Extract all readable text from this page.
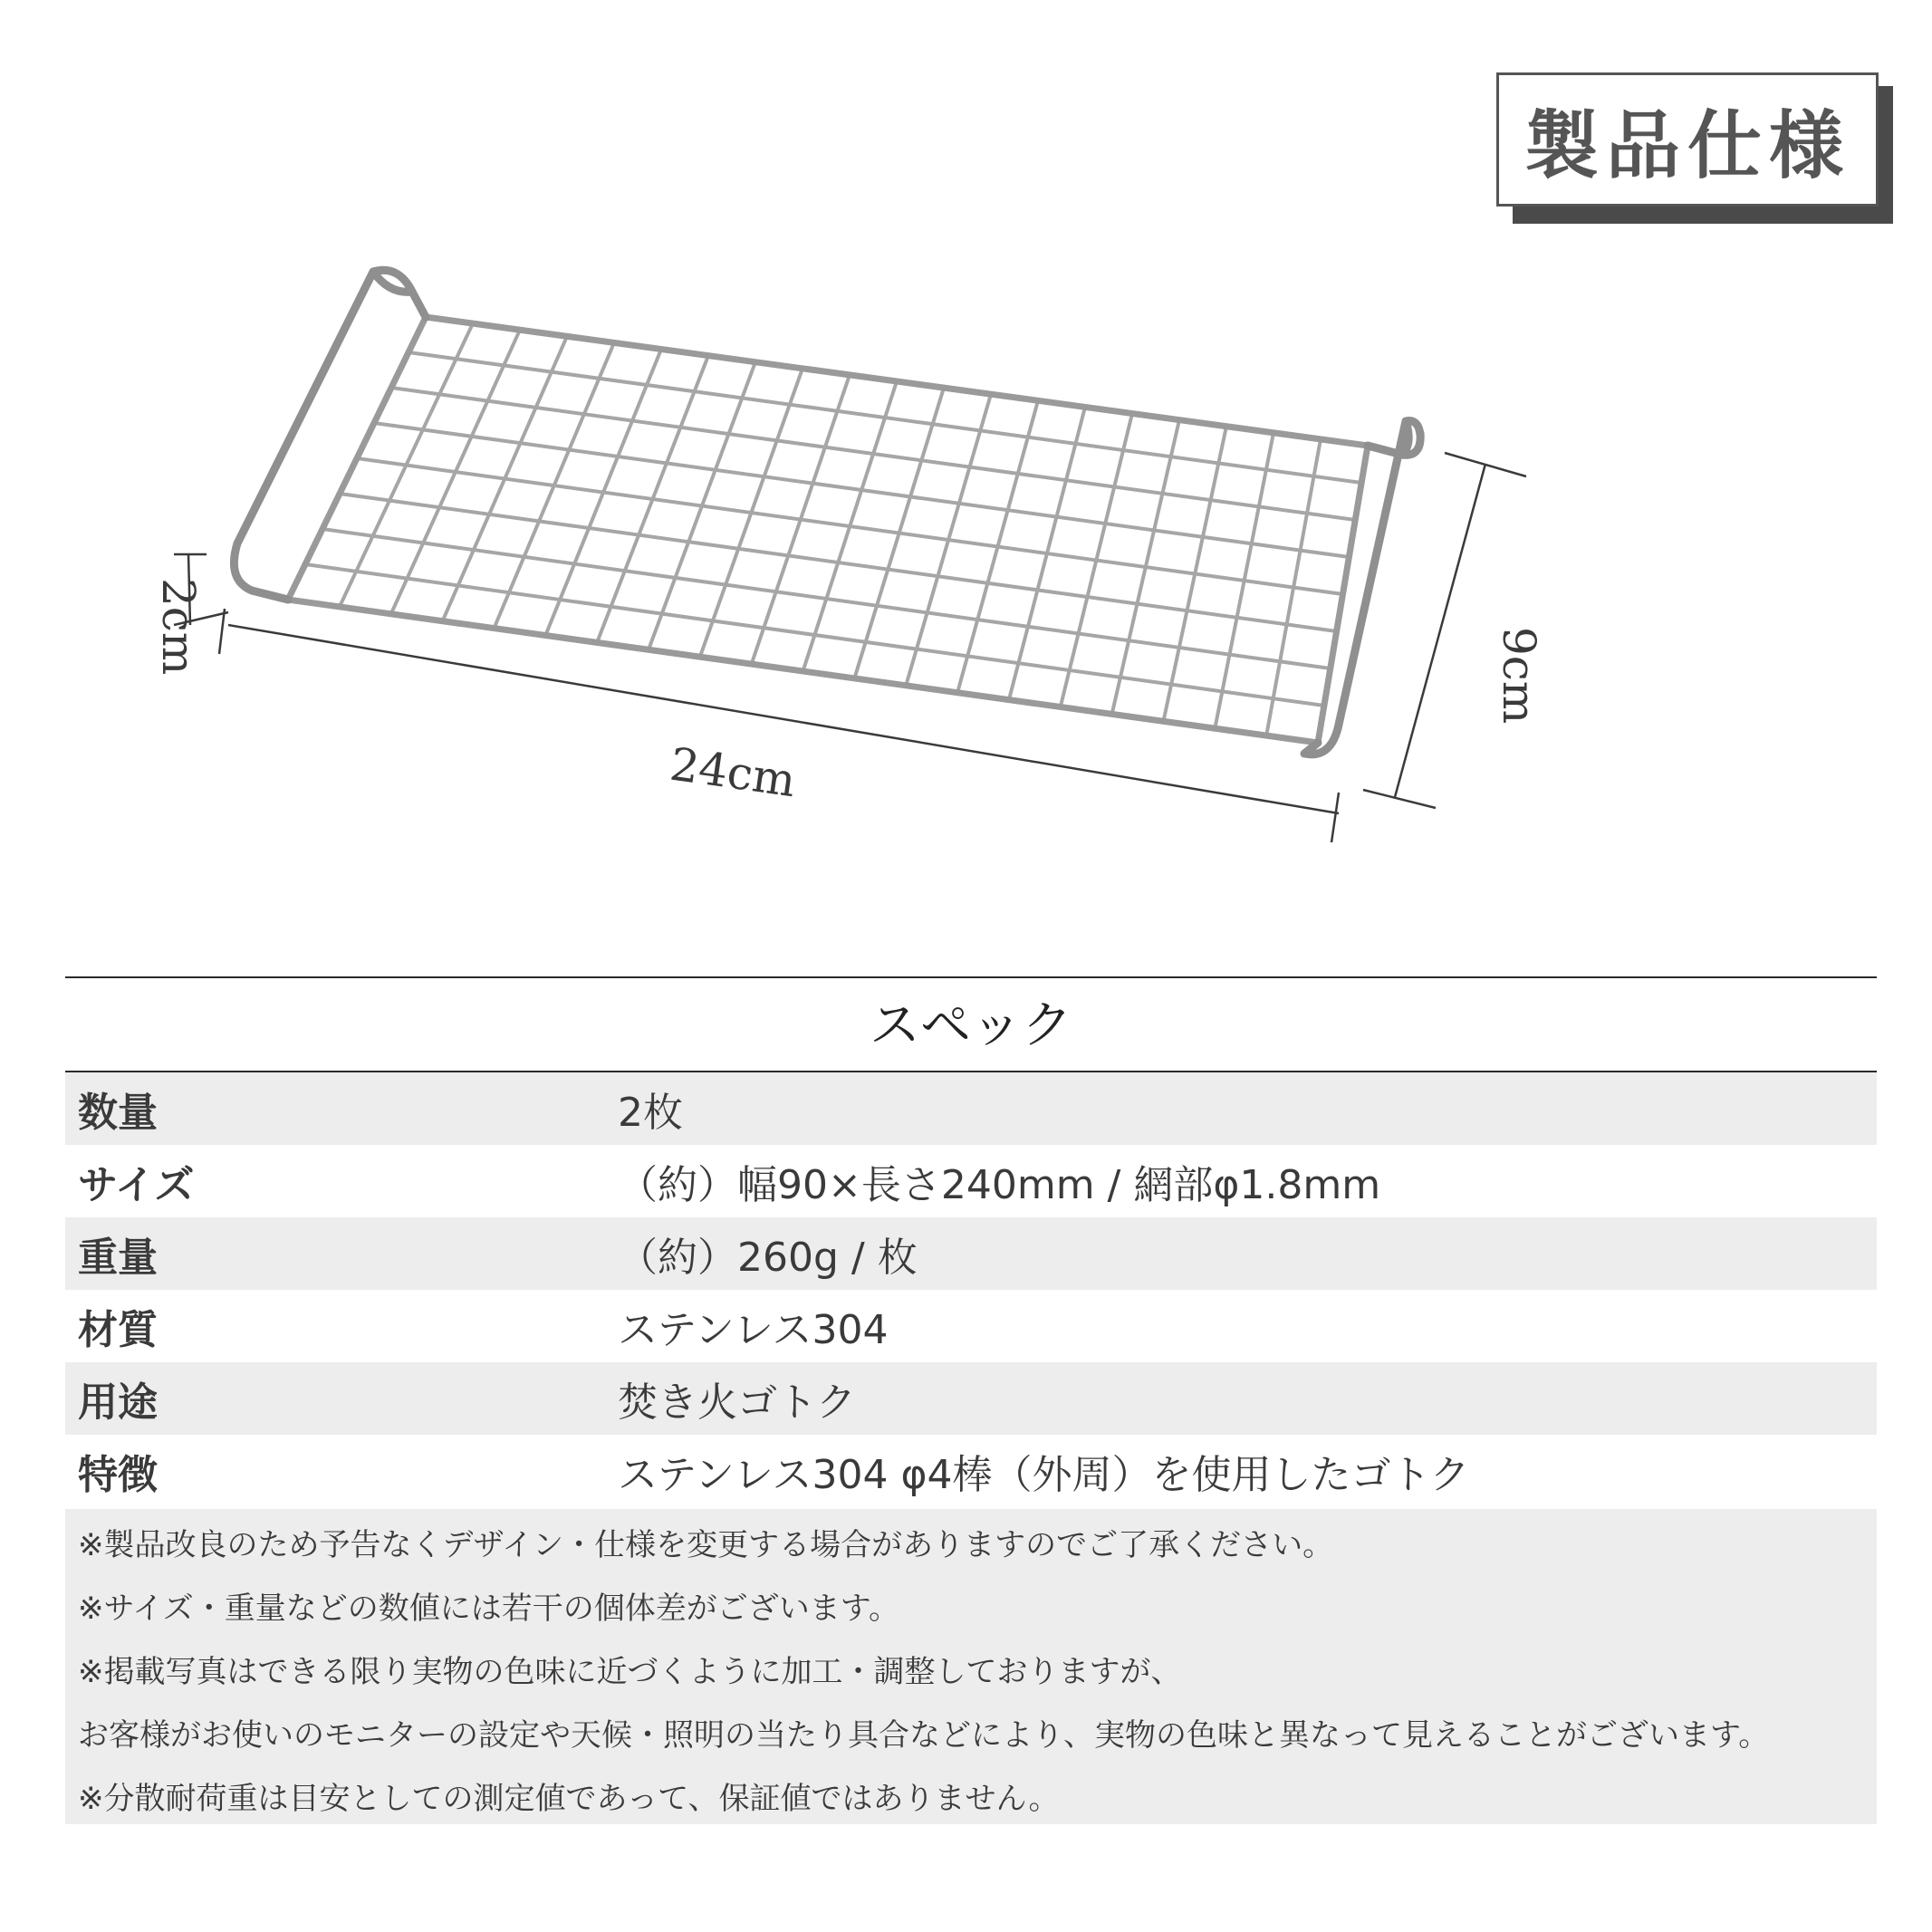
製品仕様
2cm
24cm
9cm
スペック
数量	2枚
サイズ	（約）幅90×長さ240mm / 網部φ1.8mm
重量	（約）260g / 枚
材質	ステンレス304
用途	焚き火ゴトク
特徴	ステンレス304 φ4棒（外周）を使用したゴトク
※製品改良のため予告なくデザイン・仕様を変更する場合がありますのでご了承ください。
※サイズ・重量などの数値には若干の個体差がございます。
※掲載写真はできる限り実物の色味に近づくように加工・調整しておりますが、
お客様がお使いのモニターの設定や天候・照明の当たり具合などにより、実物の色味と異なって見えることがございます。
※分散耐荷重は目安としての測定値であって、保証値ではありません。
